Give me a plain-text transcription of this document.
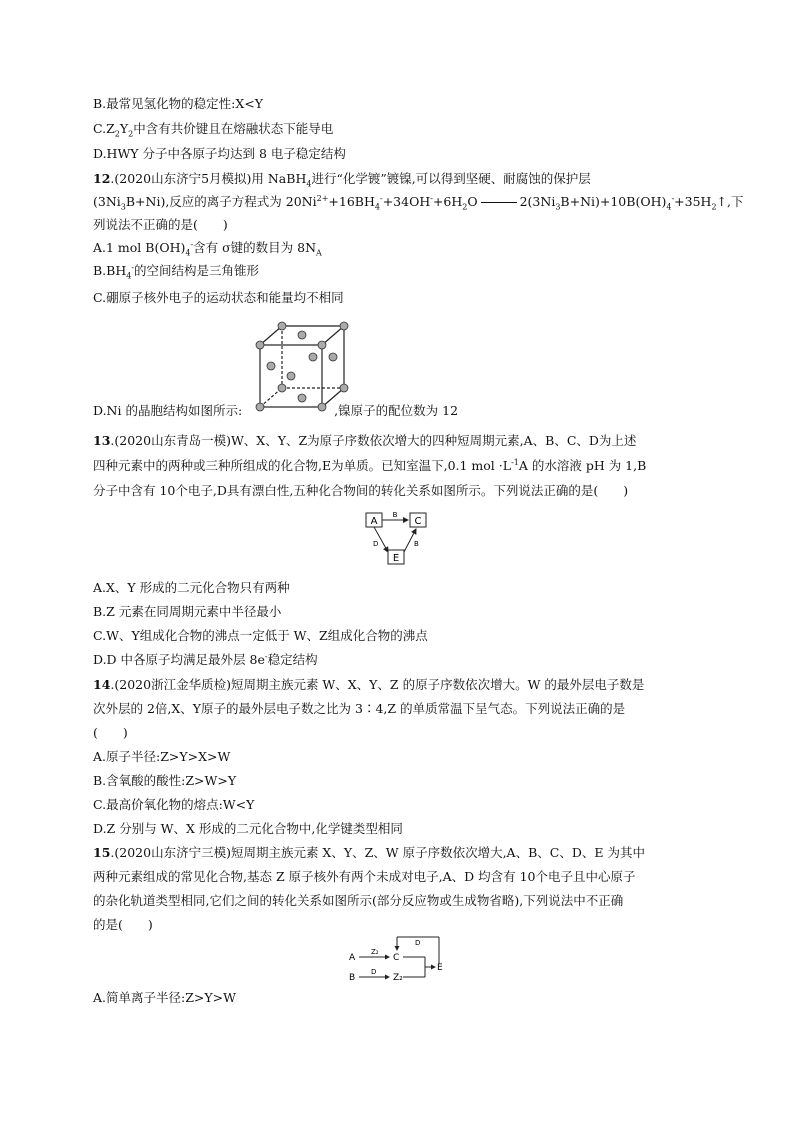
B.最常见氢化物的稳定性:X<Y
$C.Z_2Y_2$中含有共价键且在熔融状态下能导电
D.HWY 分子中各原子均达到 8 电子稳定结构
12.(2020山东济宁5月模拟)用 NaBH$_4$进行“化学镀”镀镍,可以得到坚硬、耐腐蚀的保护层
$(3Ni_3B+Ni)$,反应的离子方程式为 $20Ni^{2+}+16BH_4^-+34OH^-+6H_2O$	$2(3Ni_3B+Ni)+10B(OH)_4^-+35H_2↑$,下
列说法不正确的是(　　)
A.1 mol $B(OH)_4^-$含有 σ键的数目为 $8N_A$
$B.BH_4^-$的空间结构是三角锥形
C.硼原子核外电子的运动状态和能量均不相同
D.Ni 的晶胞结构如图所示:	,镍原子的配位数为 12
13.(2020山东青岛一模)W、X、Y、Z为原子序数依次增大的四种短周期元素,A、B、C、D为上述
四种元素中的两种或三种所组成的化合物,E为单质。已知室温下,0.1 mol $\cdot L^{-1}A$ 的水溶液 pH 为 1,B
分子中含有 10个电子,D具有漂白性,五种化合物间的转化关系如图所示。下列说法正确的是(　　)
A	C
E
B
D	B
A.X、Y 形成的二元化合物只有两种
B.Z 元素在同周期元素中半径最小
C.W、Y组成化合物的沸点一定低于 W、Z组成化合物的沸点
D.D 中各原子均满足最外层 8e-稳定结构
14.(2020浙江金华质检)短周期主族元素 W、X、Y、Z 的原子序数依次增大。W 的最外层电子数是
次外层的 2倍,X、Y原子的最外层电子数之比为 3∶4,Z 的单质常温下呈气态。下列说法正确的是
(　　)
A.原子半径:Z>Y>X>W
B.含氧酸的酸性:Z>W>Y
C.最高价氧化物的熔点:W<Y
D.Z 分别与 W、X 形成的二元化合物中,化学键类型相同
15.(2020山东济宁三模)短周期主族元素 X、Y、Z、W 原子序数依次增大,A、B、C、D、E 为其中
两种元素组成的常见化合物,基态 Z 原子核外有两个未成对电子,A、D 均含有 10个电子且中心原子
的杂化轨道类型相同,它们之间的转化关系如图所示(部分反应物或生成物省略),下列说法中不正确
的是(　　)
A
B
Z₂
C
D
Z₂
E
D
A.简单离子半径:Z>Y>W
